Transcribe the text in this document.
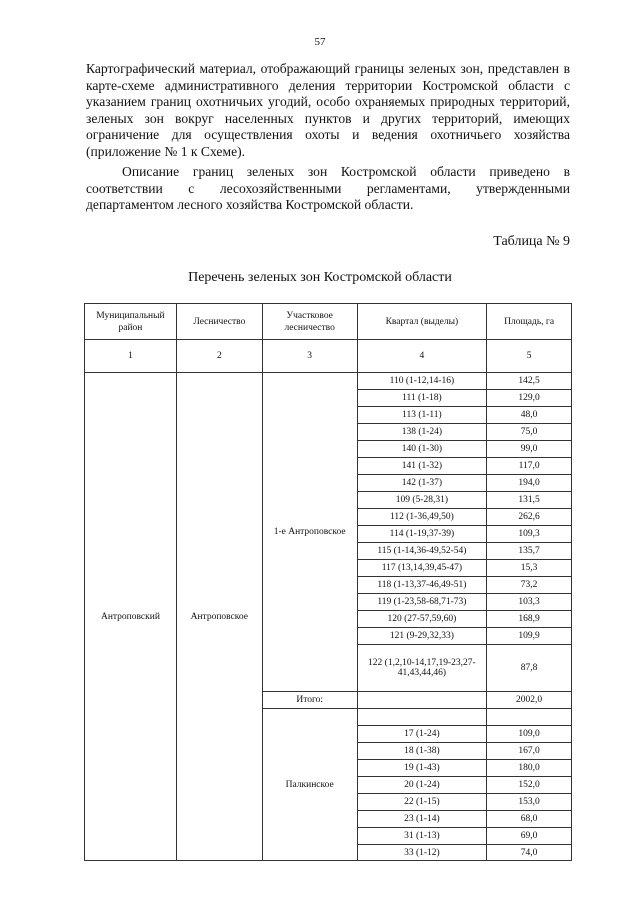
57

Картографический материал, отображающий границы зеленых зон, представлен в карте-схеме административного деления территории Костромской области с указанием границ охотничьих угодий, особо охраняемых природных территорий, зеленых зон вокруг населенных пунктов и других территорий, имеющих ограничение для осуществления охоты и ведения охотничьего хозяйства (приложение № 1 к Схеме).

Описание границ зеленых зон Костромской области приведено в соответствии с лесохозяйственными регламентами, утвержденными департаментом лесного хозяйства Костромской области.

Таблица № 9
Перечень зеленых зон Костромской области
Муниципальный район	Лесничество	Участковое лесничество	Квартал (выделы)	Площадь, га
1	2	3	4	5
Антроповский	Антроповское	1-е Антроповское	110 (1-12,14-16)	142,5
			111 (1-18)	129,0
			113 (1-11)	48,0
			138 (1-24)	75,0
			140 (1-30)	99,0
			141 (1-32)	117,0
			142 (1-37)	194,0
			109 (5-28,31)	131,5
			112 (1-36,49,50)	262,6
			114 (1-19,37-39)	109,3
			115 (1-14,36-49,52-54)	135,7
			117 (13,14,39,45-47)	15,3
			118 (1-13,37-46,49-51)	73,2
			119 (1-23,58-68,71-73)	103,3
			120 (27-57,59,60)	168,9
			121 (9-29,32,33)	109,9
			122 (1,2,10-14,17,19-23,27-41,43,44,46)	87,8
		Итого:		2002,0
		Палкинское		
			17 (1-24)	109,0
			18 (1-38)	167,0
			19 (1-43)	180,0
			20 (1-24)	152,0
			22 (1-15)	153,0
			23 (1-14)	68,0
			31 (1-13)	69,0
			33 (1-12)	74,0
